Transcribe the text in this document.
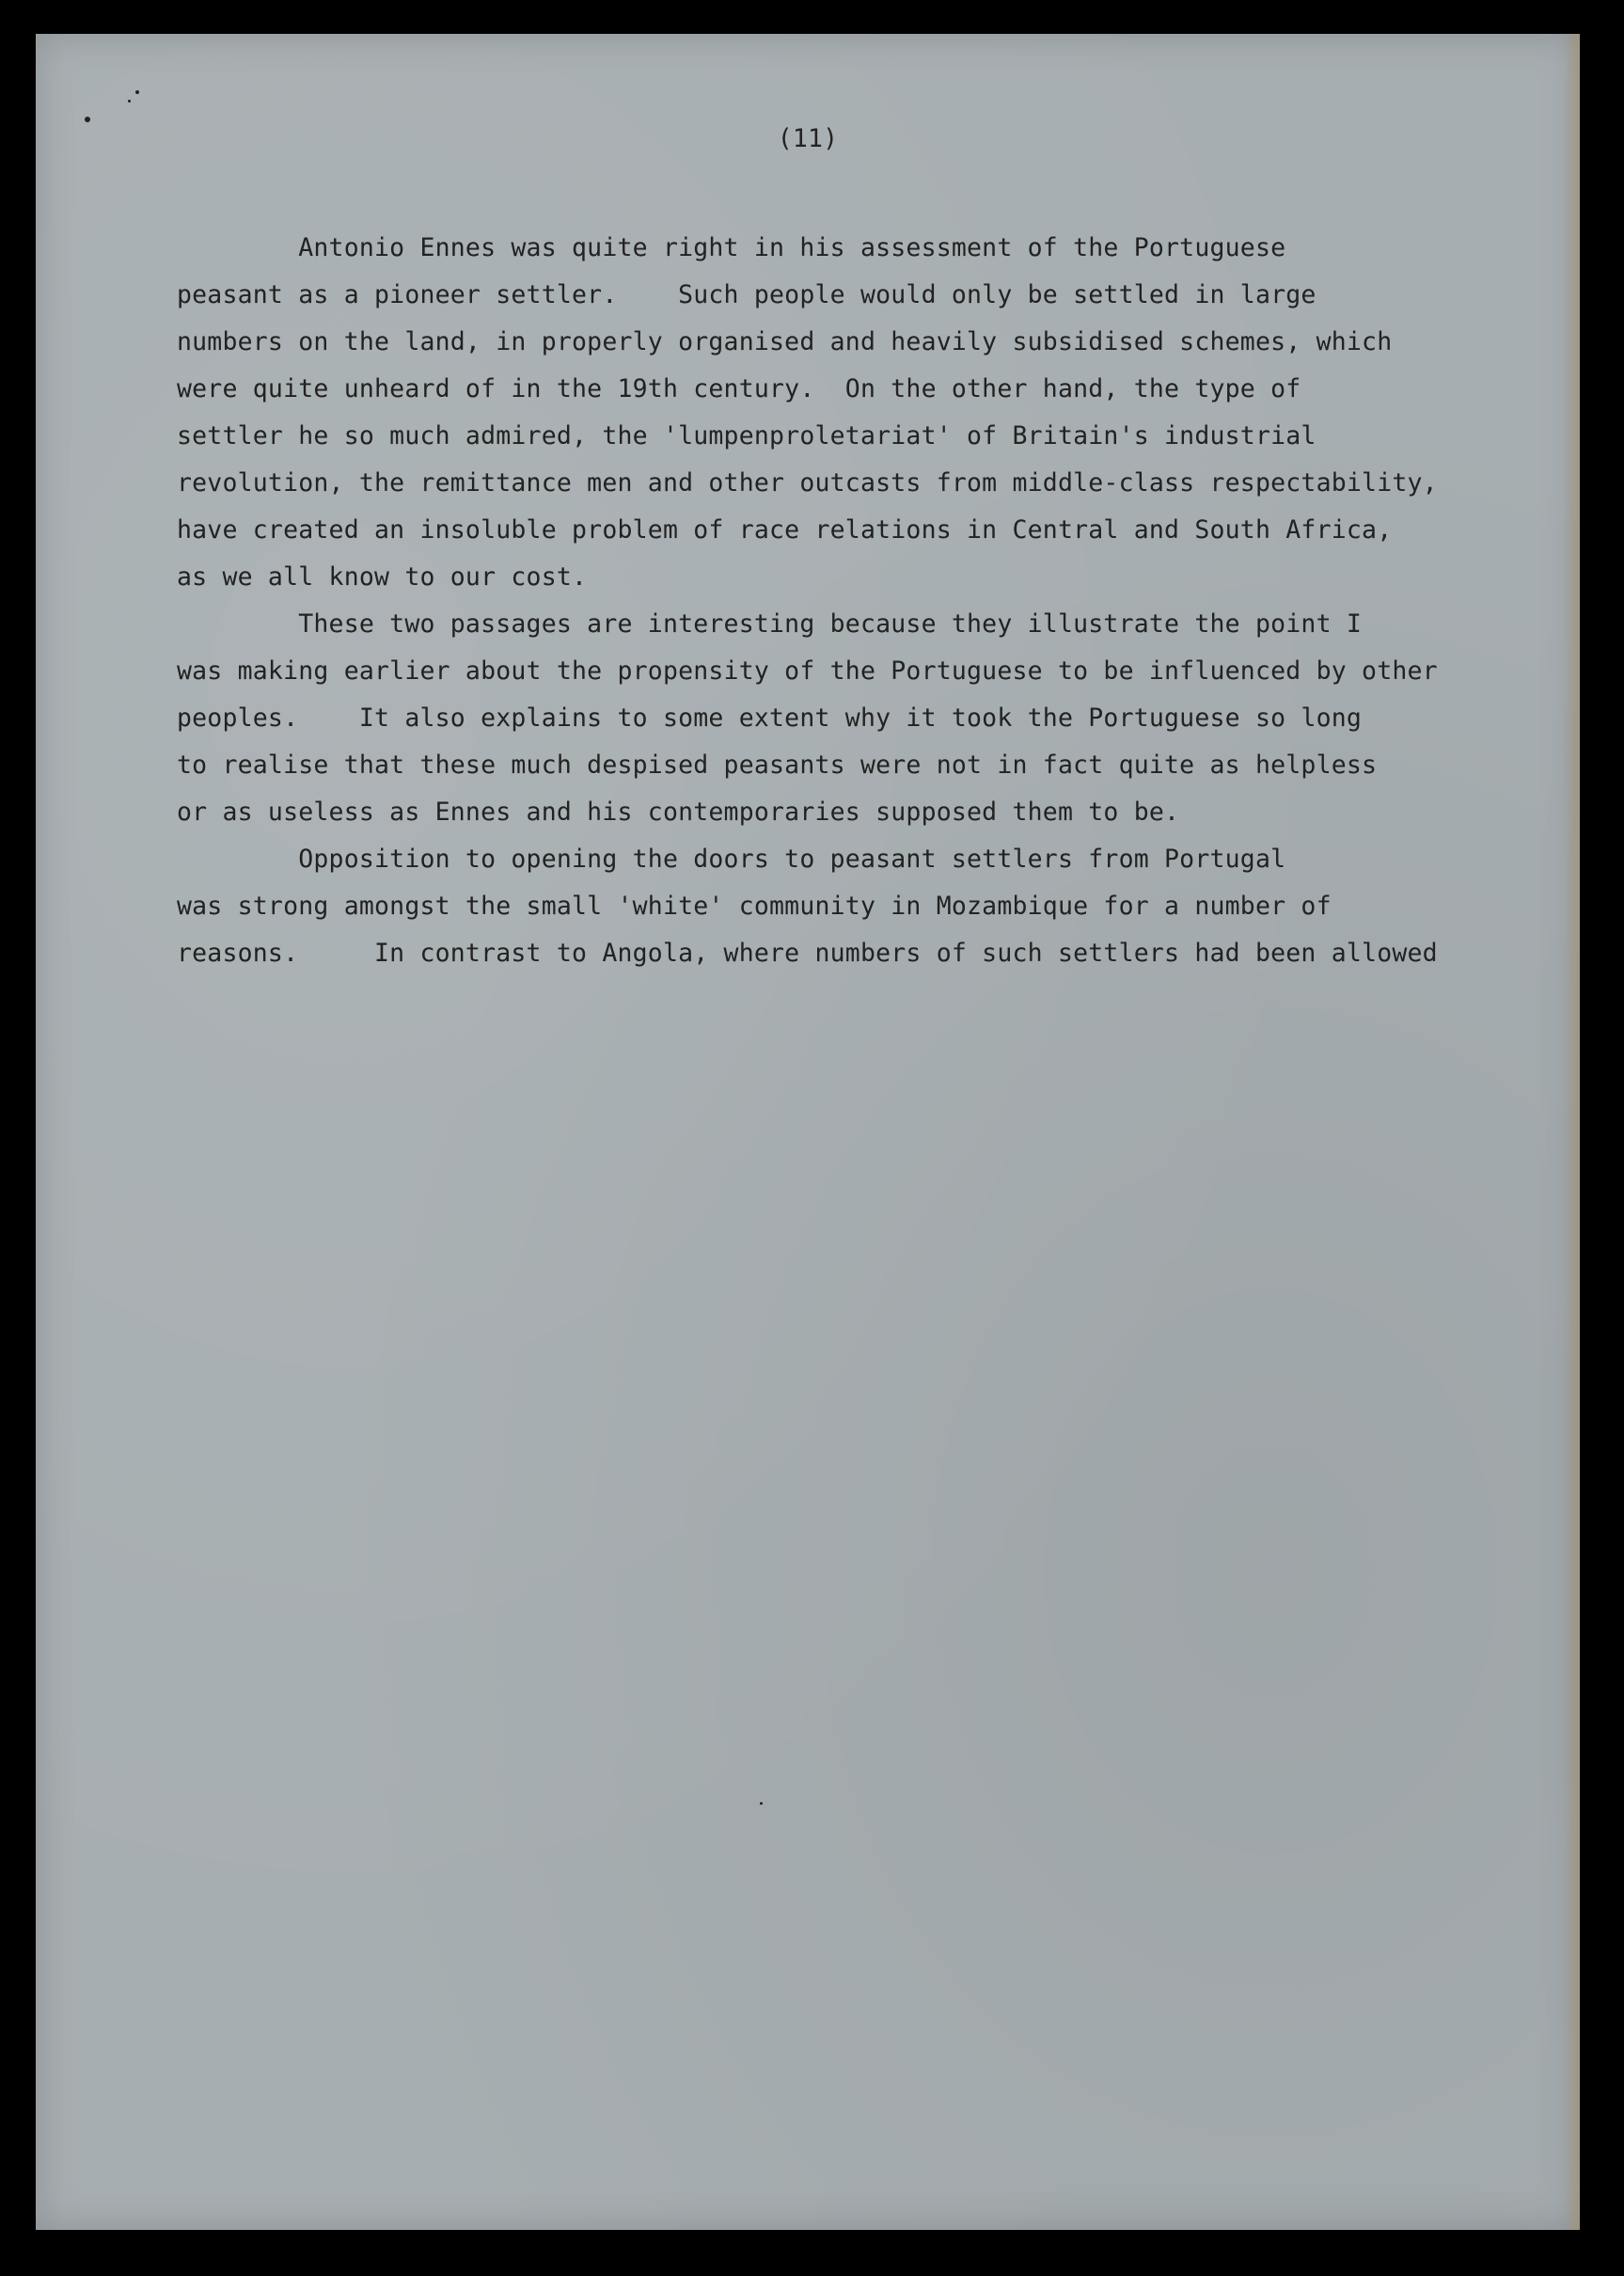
(11)
Antonio Ennes was quite right in his assessment of the Portuguese
peasant as a pioneer settler.    Such people would only be settled in large
numbers on the land, in properly organised and heavily subsidised schemes, which
were quite unheard of in the 19th century.  On the other hand, the type of
settler he so much admired, the 'lumpenproletariat' of Britain's industrial
revolution, the remittance men and other outcasts from middle-class respectability,
have created an insoluble problem of race relations in Central and South Africa,
as we all know to our cost.
These two passages are interesting because they illustrate the point I
was making earlier about the propensity of the Portuguese to be influenced by other
peoples.    It also explains to some extent why it took the Portuguese so long
to realise that these much despised peasants were not in fact quite as helpless
or as useless as Ennes and his contemporaries supposed them to be.
Opposition to opening the doors to peasant settlers from Portugal
was strong amongst the small 'white' community in Mozambique for a number of
reasons.     In contrast to Angola, where numbers of such settlers had been allowed
